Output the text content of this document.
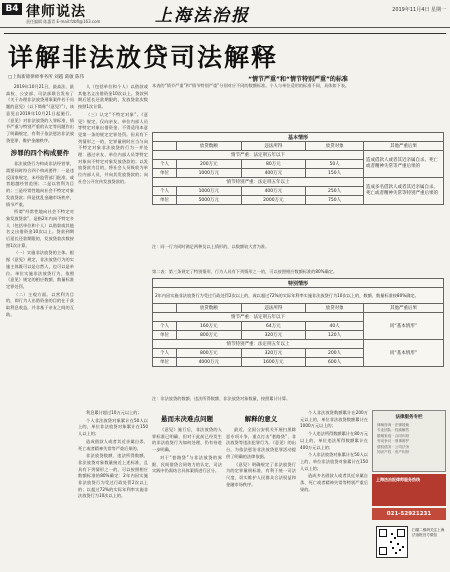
B4 律师说法
责任编辑 陈惠青 E-mail:fzbfl@163.com	上海法治报	2019年11月4日 星期一
详解非法放贷司法解释
□上海新锦律师事务所 刘越 葛敏 陈伟

2019年10月21日，最高法、最高检、公安部、司法部联合发布了《关于办理非法放贷刑事案件若干问题的意见》（以下简称“《意见》”），该意见自2019年10月21日起施行。《意见》对非法放贷的入罪标准、情节严重与特别严重的认定等问题作出了明确规定，有利于依法惩治非法放贷犯罪，维护金融秩序。

涉罪的四个构成要件

非法放贷行为构成非法经营罪，需要同时符合四个构成要件：一是违反国家规定，未经监管部门批准，或者超越经营范围；二是以营利为目的；三是经常性地向社会不特定对象发放贷款；四是扰乱金融市场秩序，情节严重。

所谓“经常性地向社会不特定对象发放贷款”，是指2年内向不特定多人（包括单位和个人）以借款或其他名义出借资金10次以上。贷款到期后延长还款期限的，发放贷款次数按照1次计算。

（一）实施非法放贷的主体。根据《意见》规定，非法放贷行为的实施主体既可以是自然人，也可以是单位。单位实施非法放贷行为，依照《意见》规定的相应数额、数量标准定罪处罚。

（二）主观方面。以营利为目的，即行为人出借资金的目的在于获取利息收益，并非基于亲友之间的互助。

人（包括单位和个人）以借款或其他名义出借资金10次以上。贷款到期后延长还款期限的，发放贷款次数按照1次计算。

（三）认定“不特定对象”。《意见》规定，仅向亲友、单位内部人员等特定对象出借资金，不得适用本意见第一条的规定定罪处罚。但具有下列情形之一的，定罪量刑时应当与向不特定对象非法放贷的行为一并处理：通过亲友、单位内部人员等特定对象向不特定对象发放贷款的；以发放贷款为目的，将社会人员吸收为单位内部人员，并向其发放贷款的；向社会公开宣传发放贷款的。

“情节严重”和“情节特别严重”的标准
本表的“情节严重”和“情节特别严重”分别对应不同的数额标准。个人与单位适用的标准不同，具体如下表。
基本情形				
	放贷数额	违法所得	放贷对象	其他严重后果
情节严重：法定刑五年以下				造成借款人或者其近亲属自杀、死亡或者精神失常等严重后果的
个人	200万元	80万元	50人	
单位	1000万元	400万元	150人	
情节特别严重：法定刑五年以上				造成多名借款人或者其近亲属自杀、死亡或者精神失常等特别严重后果的
个人	1000万元	400万元	250人	
单位	5000万元	2000万元	750人	
注：同一行为同时满足两种及以上情形的，以数额较大者为准。
第二表：第三条规定了特别情形，行为人具有下列情形之一的，可以按照相应数额标准的80%确定。
特别情形				
2年内因实施非法放贷行为受过行政处罚2次以上的，或以超过72%的实际年利率实施非法放贷行为10次以上的，数额、数量标准按80%确定。				
	放贷数额	违法所得	放贷对象	其他严重后果
情节严重：法定刑五年以下				同“基本情形”
个人	160万元	64万元	40人	
单位	800万元	320万元	120人	
情节特别严重：法定刑五年以上				同“基本情形”
个人	800万元	320万元	200人	
单位	4000万元	1600万元	600人	
注：非法放贷的数额、违法所得数额、非法放贷对象数量，按照累计计算。

利息累计超过10万元以上的；

个人非法放贷对象累计在50人以上的，单位非法放贷对象累计在150人以上的；

造成借款人或者其近亲属自杀、死亡或者精神失常等严重后果的。

非法放贷数额、违法所得数额、非法放贷对象数量接近上述标准，且具有下列情形之一的，可以按照相应数额标准的80%确定：2年内因实施非法放贷行为受过行政处罚2次以上的；以超过72%的实际年利率实施非法放贷行为10次以上的。

悬而未决难点问题

《意见》施行后，非法放贷的入罪标准已明确，但对于此前已经发生的非法放贷行为如何处理，仍有待进一步明确。

对于“套路贷”与非法放贷的界限、民间借贷合同效力的认定，司法实践中仍需结合具体案情进行区分。

解释的意义

最近，全国公安机关开展扫黑除恶专项斗争，重点打击“套路贷”、非法放贷等违法犯罪行为。《意见》的出台，为依法惩治非法放贷犯罪活动提供了明确的法律依据。

《意见》明确规定了非法放贷行为的定罪量刑标准，有利于统一司法尺度，切实维护人民群众合法权益和金融市场秩序。

个人非法放贷数额累计在200万元以上的，单位非法放贷数额累计在1000万元以上的；

个人违法所得数额累计在80万元以上的，单位违法所得数额累计在400万元以上的；

个人非法放贷对象累计在50人以上的，单位非法放贷对象累计在150人以上的；

造成多名借款人或者其近亲属自杀、死亡或者精神失常等特别严重后果的。

法律服务专栏
律师咨询 · 法律援助
专业团队 · 权威解答
婚姻家庭 · 合同纠纷
劳动争议 · 刑事辩护
债权债务 · 公司法务
知识产权 · 房产纠纷
上海法治报律师服务热线
021-52921231
扫描二维码关注上海法治报官方微信
